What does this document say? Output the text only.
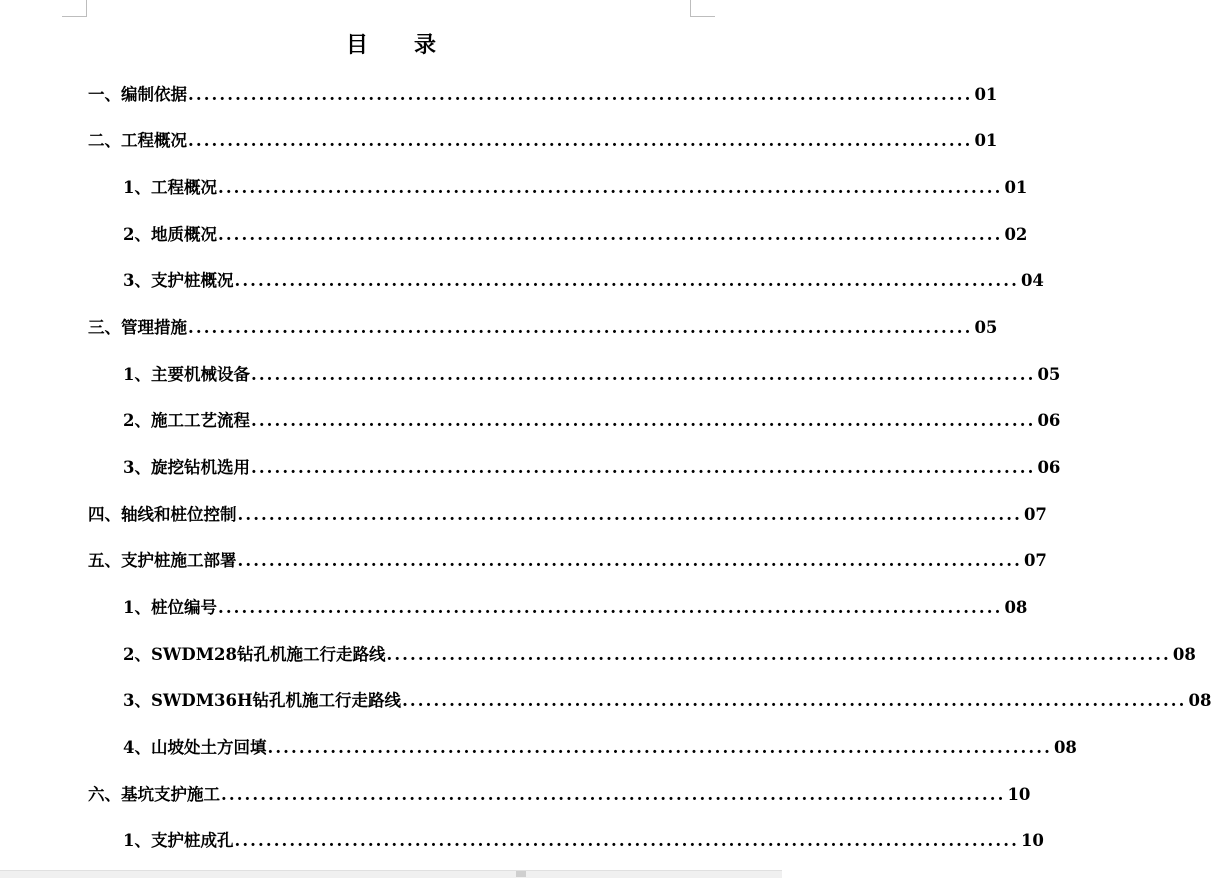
目 录
一、编制依据 .................................................................................................... 01
二、工程概况 .................................................................................................... 01
1、工程概况 .................................................................................................... 01
2、地质概况 .................................................................................................... 02
3、支护桩概况 .................................................................................................... 04
三、管理措施 .................................................................................................... 05
1、主要机械设备 .................................................................................................... 05
2、施工工艺流程 .................................................................................................... 06
3、旋挖钻机选用 .................................................................................................... 06
四、轴线和桩位控制 .................................................................................................... 07
五、支护桩施工部署 .................................................................................................... 07
1、桩位编号 .................................................................................................... 08
2、SWDM28钻孔机施工行走路线 .................................................................................................... 08
3、SWDM36H钻孔机施工行走路线 .................................................................................................... 08
4、山坡处土方回填 .................................................................................................... 08
六、基坑支护施工 .................................................................................................... 10
1、支护桩成孔 .................................................................................................... 10
